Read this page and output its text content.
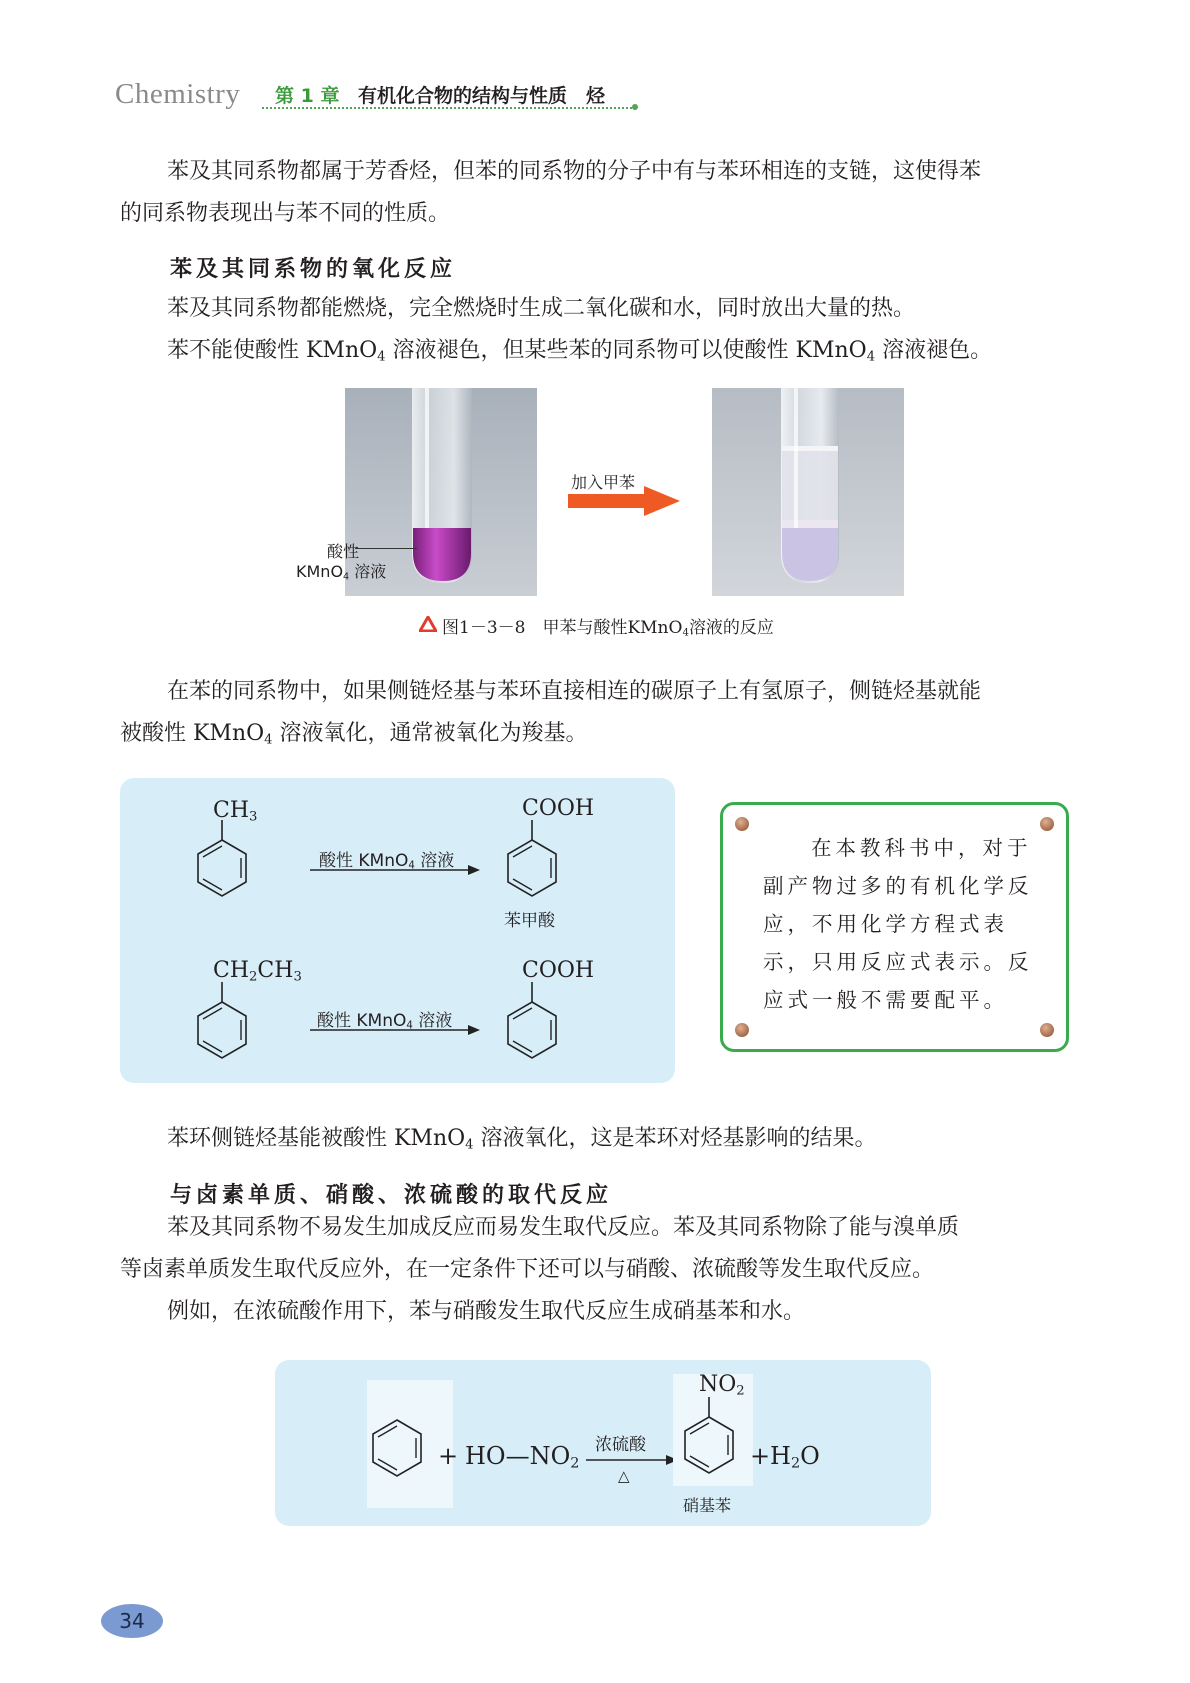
Chemistry 第 1 章 有机化合物的结构与性质　烃

苯及其同系物都属于芳香烃，但苯的同系物的分子中有与苯环相连的支链，这使得苯

的同系物表现出与苯不同的性质。

苯及其同系物的氧化反应

苯及其同系物都能燃烧，完全燃烧时生成二氧化碳和水，同时放出大量的热。

苯不能使酸性 KMnO$_4$ 溶液褪色，但某些苯的同系物可以使酸性 KMnO$_4$ 溶液褪色。

酸性
KMnO$_4$ 溶液
加入甲苯
图1－3－8　 甲苯与酸性KMnO$_4$溶液的反应

在苯的同系物中，如果侧链烃基与苯环直接相连的碳原子上有氢原子，侧链烃基就能

被酸性 KMnO$_4$ 溶液氧化，通常被氧化为羧基。

$CH_3$
酸性 KMnO$_4$ 溶液
COOH
苯甲酸
$CH_2CH_3$
酸性 KMnO$_4$ 溶液
COOH
在本教科书中，对于副产物过多的有机化学反应，不用化学方程式表示，只用反应式表示。反应式一般不需要配平。

苯环侧链烃基能被酸性 KMnO$_4$ 溶液氧化，这是苯环对烃基影响的结果。

与卤素单质、硝酸、浓硫酸的取代反应

苯及其同系物不易发生加成反应而易发生取代反应。苯及其同系物除了能与溴单质

等卤素单质发生取代反应外，在一定条件下还可以与硝酸、浓硫酸等发生取代反应。

例如，在浓硫酸作用下，苯与硝酸发生取代反应生成硝基苯和水。

+ $HO—NO_2$
浓硫酸
△
$NO_2$
硝基苯
+ $H_2O$
34
